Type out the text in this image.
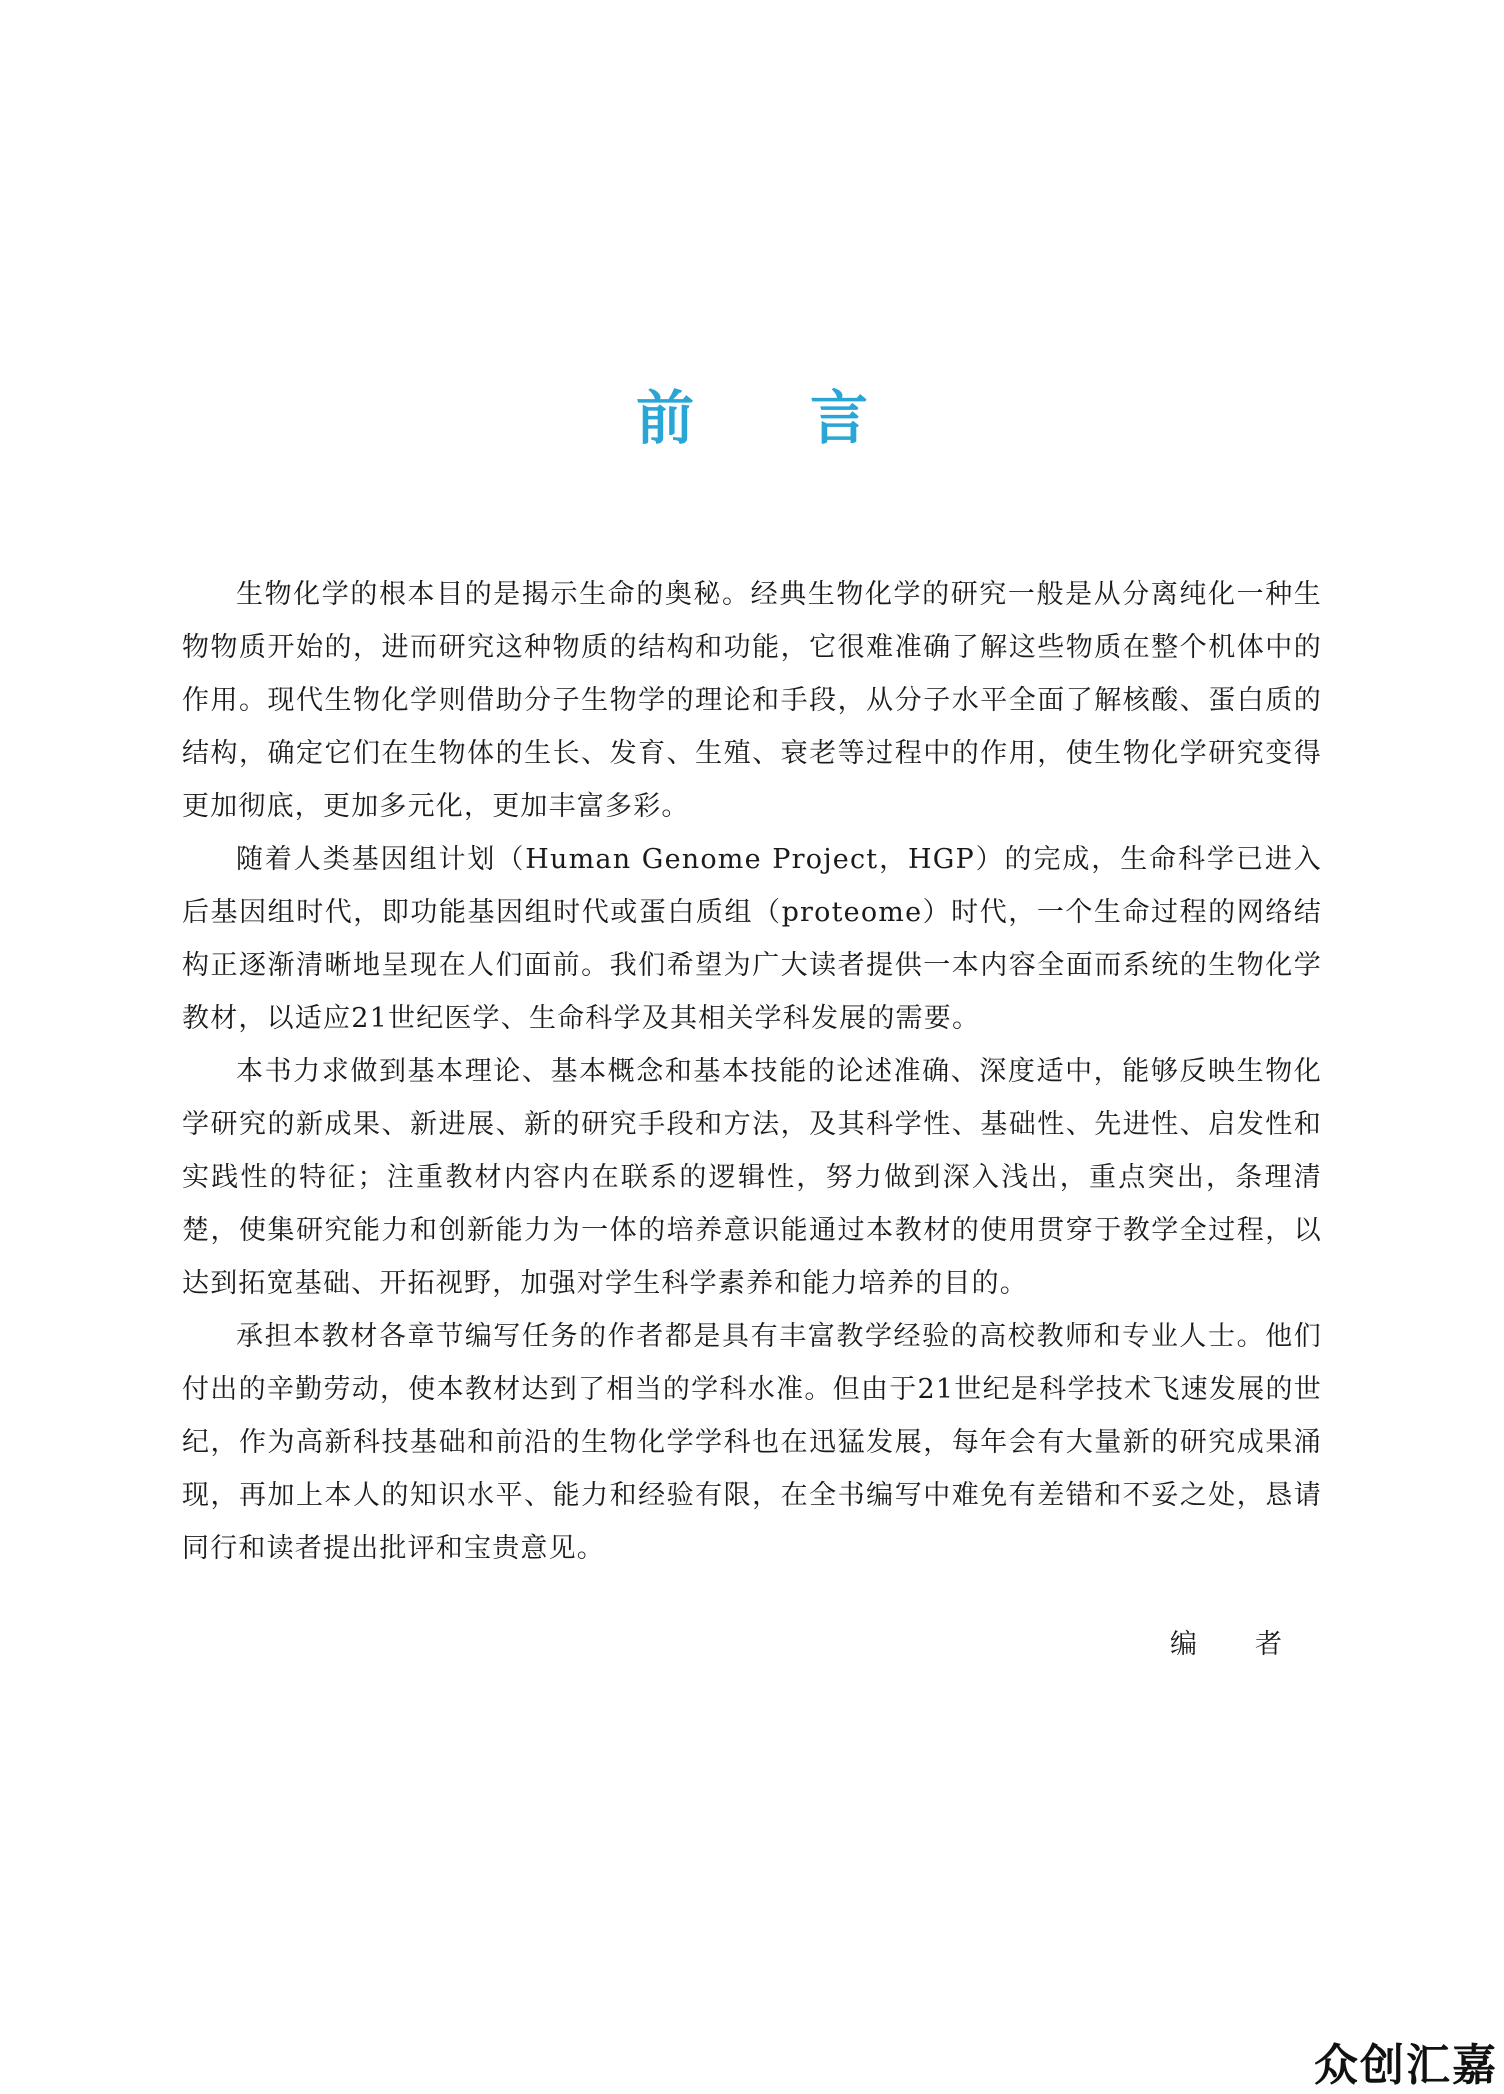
前言

生物化学的根本目的是揭示生命的奥秘。经典生物化学的研究一般是从分离纯化一种生物物质开始的，进而研究这种物质的结构和功能，它很难准确了解这些物质在整个机体中的作用。现代生物化学则借助分子生物学的理论和手段，从分子水平全面了解核酸、蛋白质的结构，确定它们在生物体的生长、发育、生殖、衰老等过程中的作用，使生物化学研究变得更加彻底，更加多元化，更加丰富多彩。

随着人类基因组计划（Human Genome Project，HGP）的完成，生命科学已进入后基因组时代，即功能基因组时代或蛋白质组（proteome）时代，一个生命过程的网络结构正逐渐清晰地呈现在人们面前。我们希望为广大读者提供一本内容全面而系统的生物化学教材，以适应21世纪医学、生命科学及其相关学科发展的需要。

本书力求做到基本理论、基本概念和基本技能的论述准确、深度适中，能够反映生物化学研究的新成果、新进展、新的研究手段和方法，及其科学性、基础性、先进性、启发性和实践性的特征；注重教材内容内在联系的逻辑性，努力做到深入浅出，重点突出，条理清楚，使集研究能力和创新能力为一体的培养意识能通过本教材的使用贯穿于教学全过程，以达到拓宽基础、开拓视野，加强对学生科学素养和能力培养的目的。

承担本教材各章节编写任务的作者都是具有丰富教学经验的高校教师和专业人士。他们付出的辛勤劳动，使本教材达到了相当的学科水准。但由于21世纪是科学技术飞速发展的世纪，作为高新科技基础和前沿的生物化学学科也在迅猛发展，每年会有大量新的研究成果涌现，再加上本人的知识水平、能力和经验有限，在全书编写中难免有差错和不妥之处，恳请同行和读者提出批评和宝贵意见。

编者
众创汇嘉
